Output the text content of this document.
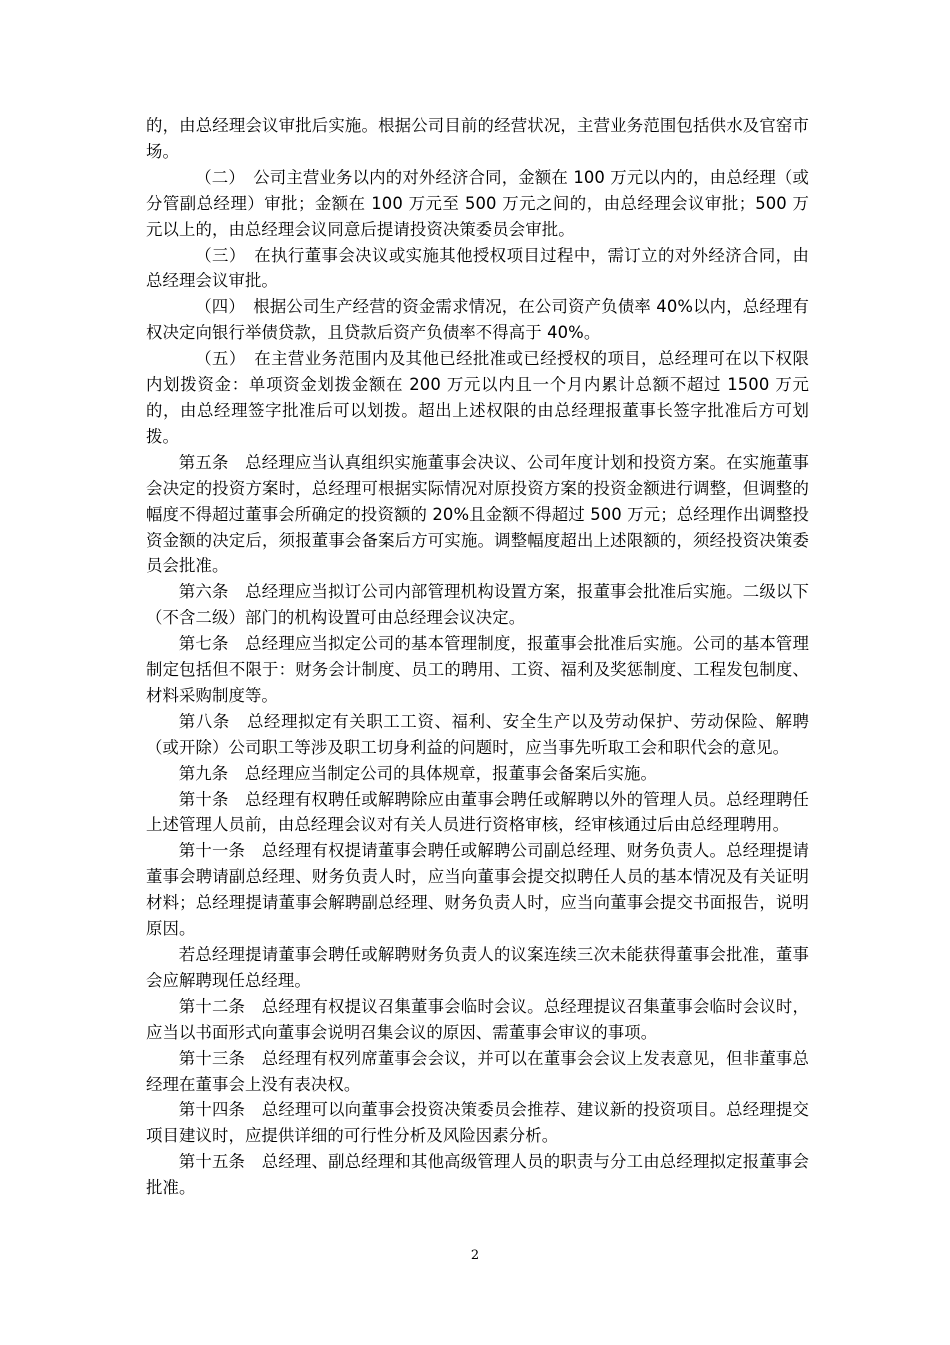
的，由总经理会议审批后实施。根据公司目前的经营状况，主营业务范围包括供水及官窑市场。

（二）　公司主营业务以内的对外经济合同，金额在 100 万元以内的，由总经理（或分管副总经理）审批；金额在 100 万元至 500 万元之间的，由总经理会议审批；500 万元以上的，由总经理会议同意后提请投资决策委员会审批。

（三）　在执行董事会决议或实施其他授权项目过程中，需订立的对外经济合同，由总经理会议审批。

（四）　根据公司生产经营的资金需求情况，在公司资产负债率 40%以内，总经理有权决定向银行举债贷款，且贷款后资产负债率不得高于 40%。

（五）　在主营业务范围内及其他已经批准或已经授权的项目，总经理可在以下权限内划拨资金：单项资金划拨金额在 200 万元以内且一个月内累计总额不超过 1500 万元的，由总经理签字批准后可以划拨。超出上述权限的由总经理报董事长签字批准后方可划拨。

第五条　总经理应当认真组织实施董事会决议、公司年度计划和投资方案。在实施董事会决定的投资方案时，总经理可根据实际情况对原投资方案的投资金额进行调整，但调整的幅度不得超过董事会所确定的投资额的 20%且金额不得超过 500 万元；总经理作出调整投资金额的决定后，须报董事会备案后方可实施。调整幅度超出上述限额的，须经投资决策委员会批准。

第六条　总经理应当拟订公司内部管理机构设置方案，报董事会批准后实施。二级以下（不含二级）部门的机构设置可由总经理会议决定。

第七条　总经理应当拟定公司的基本管理制度，报董事会批准后实施。公司的基本管理制定包括但不限于：财务会计制度、员工的聘用、工资、福利及奖惩制度、工程发包制度、材料采购制度等。

第八条　总经理拟定有关职工工资、福利、安全生产以及劳动保护、劳动保险、解聘（或开除）公司职工等涉及职工切身利益的问题时，应当事先听取工会和职代会的意见。

第九条　总经理应当制定公司的具体规章，报董事会备案后实施。

第十条　总经理有权聘任或解聘除应由董事会聘任或解聘以外的管理人员。总经理聘任上述管理人员前，由总经理会议对有关人员进行资格审核，经审核通过后由总经理聘用。

第十一条　总经理有权提请董事会聘任或解聘公司副总经理、财务负责人。总经理提请董事会聘请副总经理、财务负责人时，应当向董事会提交拟聘任人员的基本情况及有关证明材料；总经理提请董事会解聘副总经理、财务负责人时，应当向董事会提交书面报告，说明原因。

若总经理提请董事会聘任或解聘财务负责人的议案连续三次未能获得董事会批准，董事会应解聘现任总经理。

第十二条　总经理有权提议召集董事会临时会议。总经理提议召集董事会临时会议时，应当以书面形式向董事会说明召集会议的原因、需董事会审议的事项。

第十三条　总经理有权列席董事会会议，并可以在董事会会议上发表意见，但非董事总经理在董事会上没有表决权。

第十四条　总经理可以向董事会投资决策委员会推荐、建议新的投资项目。总经理提交项目建议时，应提供详细的可行性分析及风险因素分析。

第十五条　总经理、副总经理和其他高级管理人员的职责与分工由总经理拟定报董事会批准。

2
